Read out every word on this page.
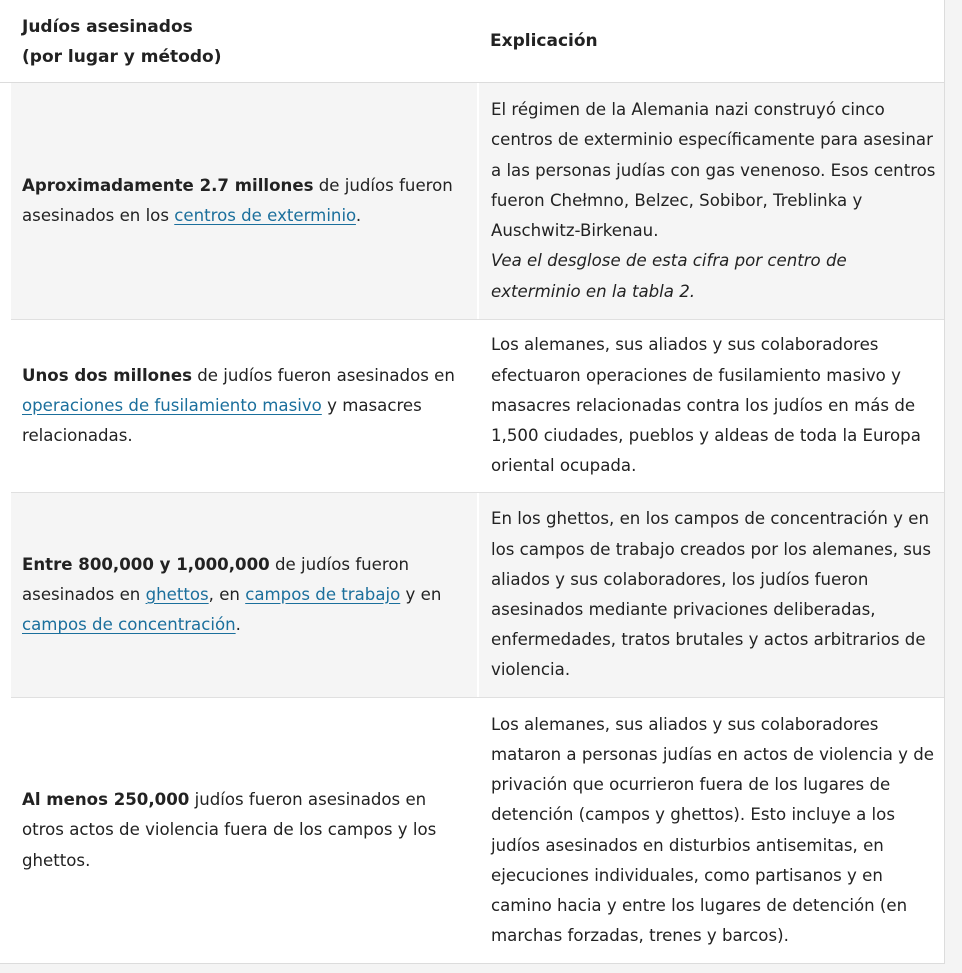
Judíos asesinados
(por lugar y método)
Explicación
Aproximadamente 2.7 millones de judíos fueron asesinados en los centros de exterminio.
El régimen de la Alemania nazi construyó cinco centros de exterminio específicamente para asesinar a las personas judías con gas venenoso. Esos centros fueron Chełmno, Belzec, Sobibor, Treblinka y Auschwitz-Birkenau.
Vea el desglose de esta cifra por centro de exterminio en la tabla 2.
Unos dos millones de judíos fueron asesinados en operaciones de fusilamiento masivo y masacres relacionadas.
Los alemanes, sus aliados y sus colaboradores efectuaron operaciones de fusilamiento masivo y masacres relacionadas contra los judíos en más de 1,500 ciudades, pueblos y aldeas de toda la Europa oriental ocupada.
Entre 800,000 y 1,000,000 de judíos fueron asesinados en ghettos, en campos de trabajo y en campos de concentración.
En los ghettos, en los campos de concentración y en los campos de trabajo creados por los alemanes, sus aliados y sus colaboradores, los judíos fueron asesinados mediante privaciones deliberadas, enfermedades, tratos brutales y actos arbitrarios de violencia.
Al menos 250,000 judíos fueron asesinados en otros actos de violencia fuera de los campos y los ghettos.
Los alemanes, sus aliados y sus colaboradores mataron a personas judías en actos de violencia y de privación que ocurrieron fuera de los lugares de detención (campos y ghettos). Esto incluye a los judíos asesinados en disturbios antisemitas, en ejecuciones individuales, como partisanos y en camino hacia y entre los lugares de detención (en marchas forzadas, trenes y barcos).
